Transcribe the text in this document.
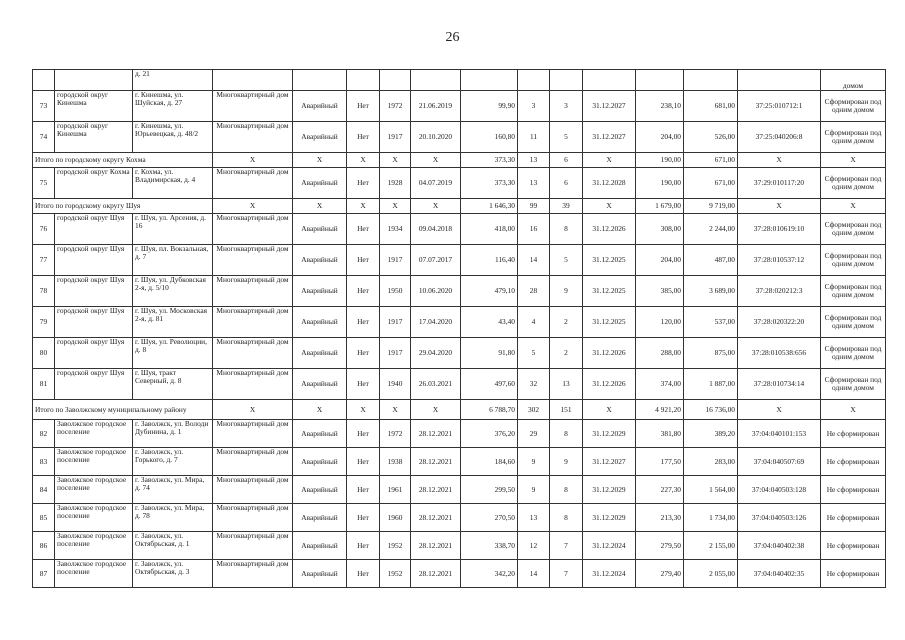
26
		д. 21													домом
73	городской округ Кинешма	г. Кинешма, ул. Шуйская, д. 27	Многоквартирный дом	Аварийный	Нет	1972	21.06.2019	99,90	3	3	31.12.2027	238,10	681,00	37:25:010712:1	Сформирован под одним домом
74	городской округ Кинешма	г. Кинешма, ул. Юрьевецкая, д. 48/2	Многоквартирный дом	Аварийный	Нет	1917	20.10.2020	160,80	11	5	31.12.2027	204,00	526,00	37:25:040206:8	Сформирован под одним домом
Итого по городскому округу Кохма			X	X	X	X	X	373,30	13	6	X	190,00	671,00	X	X
75	городской округ Кохма	г. Кохма, ул. Владимирская, д. 4	Многоквартирный дом	Аварийный	Нет	1928	04.07.2019	373,30	13	6	31.12.2028	190,00	671,00	37:29:010117:20	Сформирован под одним домом
Итого по городскому округу Шуя			X	X	X	X	X	1 646,30	99	39	X	1 679,00	9 719,00	X	X
76	городской округ Шуя	г. Шуя, ул. Арсения, д. 16	Многоквартирный дом	Аварийный	Нет	1934	09.04.2018	418,00	16	8	31.12.2026	308,00	2 244,00	37:28:010619:10	Сформирован под одним домом
77	городской округ Шуя	г. Шуя, пл. Вокзальная, д. 7	Многоквартирный дом	Аварийный	Нет	1917	07.07.2017	116,40	14	5	31.12.2025	204,00	487,00	37:28:010537:12	Сформирован под одним домом
78	городской округ Шуя	г. Шуя, ул. Дубковская 2-я, д. 5/10	Многоквартирный дом	Аварийный	Нет	1950	10.06.2020	479,10	28	9	31.12.2025	385,00	3 689,00	37:28:020212:3	Сформирован под одним домом
79	городской округ Шуя	г. Шуя, ул. Московская 2-я, д. 81	Многоквартирный дом	Аварийный	Нет	1917	17.04.2020	43,40	4	2	31.12.2025	120,00	537,00	37:28:020322:20	Сформирован под одним домом
80	городской округ Шуя	г. Шуя, ул. Революции, д. 8	Многоквартирный дом	Аварийный	Нет	1917	29.04.2020	91,80	5	2	31.12.2026	288,00	875,00	37:28:010538:656	Сформирован под одним домом
81	городской округ Шуя	г. Шуя, тракт Северный, д. 8	Многоквартирный дом	Аварийный	Нет	1940	26.03.2021	497,60	32	13	31.12.2026	374,00	1 887,00	37:28:010734:14	Сформирован под одним домом
Итого по Заволжскому муниципальному району			X	X	X	X	X	6 788,70	302	151	X	4 921,20	16 736,00	X	X
82	Заволжское городское поселение	г. Заволжск, ул. Володи Дубинина, д. 1	Многоквартирный дом	Аварийный	Нет	1972	28.12.2021	376,20	29	8	31.12.2029	381,80	389,20	37:04:040101:153	Не сформирован
83	Заволжское городское поселение	г. Заволжск, ул. Горького, д. 7	Многоквартирный дом	Аварийный	Нет	1938	28.12.2021	184,60	9	9	31.12.2027	177,50	283,00	37:04:040507:69	Не сформирован
84	Заволжское городское поселение	г. Заволжск, ул. Мира, д. 74	Многоквартирный дом	Аварийный	Нет	1961	28.12.2021	299,50	9	8	31.12.2029	227,30	1 564,00	37:04:040503:128	Не сформирован
85	Заволжское городское поселение	г. Заволжск, ул. Мира, д. 78	Многоквартирный дом	Аварийный	Нет	1960	28.12.2021	270,50	13	8	31.12.2029	213,30	1 734,00	37:04:040503:126	Не сформирован
86	Заволжское городское поселение	г. Заволжск, ул. Октябрьская, д. 1	Многоквартирный дом	Аварийный	Нет	1952	28.12.2021	338,70	12	7	31.12.2024	279,50	2 155,00	37:04:040402:38	Не сформирован
87	Заволжское городское поселение	г. Заволжск, ул. Октябрьская, д. 3	Многоквартирный дом	Аварийный	Нет	1952	28.12.2021	342,20	14	7	31.12.2024	279,40	2 055,00	37:04:040402:35	Не сформирован
